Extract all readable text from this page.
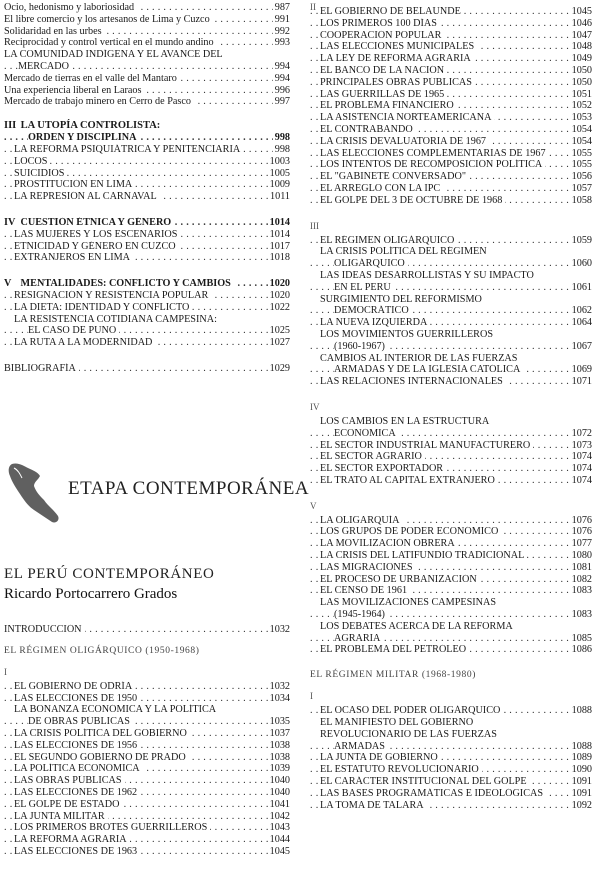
Ocio, hedonismo y laboriosidad	987
. . .
El libre comercio y los artesanos de Lima y Cuzco	991
. . .
Solidaridad en las urbes	992
. . .
Reciprocidad y control vertical en el mundo andino	993
. . .
LA COMUNIDAD INDÍGENA Y EL AVANCE DEL
MERCADO	994
. . .
Mercado de tierras en el valle del Mantaro	994
. . .
Una experiencia liberal en Laraos	996
. . .
Mercado de trabajo minero en Cerro de Pasco	997
. . .
III LA UTOPÍA CONTROLISTA:
ORDEN Y DISCIPLINA	998
. . .
LA REFORMA PSIQUIÁTRICA Y PENITENCIARIA	998
. . .
LOCOS	1003
. . .
SUICIDIOS	1005
. . .
PROSTITUCIÓN EN LIMA	1009
. . .
LA REPRESIÓN AL CARNAVAL	1011
. . .
IV CUESTIÓN ÉTNICA Y GÉNERO	1014
. . .
LAS MUJERES Y LOS ESCENARIOS	1014
. . .
ETNICIDAD Y GÉNERO EN CUZCO	1017
. . .
EXTRANJEROS EN LIMA	1018
. . .
V MENTALIDADES: CONFLICTO Y CAMBIOS	1020
. . .
RESIGNACIÓN Y RESISTENCIA POPULAR	1020
. . .
LA DIETA: IDENTIDAD Y CONFLICTO	1022
. . .
LA RESISTENCIA COTIDIANA CAMPESINA:
EL CASO DE PUNO	1025
. . .
LA RUTA A LA MODERNIDAD	1027
. . .
BIBLIOGRAFÍA	1029
. . .
ETAPA CONTEMPORÁNEA
EL PERÚ CONTEMPORÁNEO
Ricardo Portocarrero Grados
INTRODUCCIÓN	1032
. . .
EL RÉGIMEN OLIGÁRQUICO (1950-1968)
I
EL GOBIERNO DE ODRÍA	1032
. . .
LAS ELECCIONES DE 1950	1034
. . .
LA BONANZA ECONÓMICA Y LA POLÍTICA
DE OBRAS PÚBLICAS	1035
. . .
LA CRISIS POLÍTICA DEL GOBIERNO	1037
. . .
LAS ELECCIONES DE 1956	1038
. . .
EL SEGUNDO GOBIERNO DE PRADO	1038
. . .
LA POLÍTICA ECONÓMICA	1039
. . .
LAS OBRAS PÚBLICAS	1040
. . .
LAS ELECCIONES DE 1962	1040
. . .
EL GOLPE DE ESTADO	1041
. . .
LA JUNTA MILITAR	1042
. . .
LOS PRIMEROS BROTES GUERRILLEROS	1043
. . .
LA REFORMA AGRARIA	1044
. . .
LAS ELECCIONES DE 1963	1045
. . .
II EL GOBIERNO DE BELAUNDE	1045
. . .
LOS PRIMEROS 100 DÍAS	1046
. . .
COOPERACIÓN POPULAR	1047
. . .
LAS ELECCIONES MUNICIPALES	1048
. . .
LA LEY DE REFORMA AGRARIA	1049
. . .
EL BANCO DE LA NACIÓN	1050
. . .
PRINCIPALES OBRAS PÚBLICAS	1050
. . .
LAS GUERRILLAS DE 1965	1051
. . .
EL PROBLEMA FINANCIERO	1052
. . .
LA ASISTENCIA NORTEAMERICANA	1053
. . .
EL CONTRABANDO	1054
. . .
LA CRISIS DEVALUATORIA DE 1967	1054
. . .
LAS ELECCIONES COMPLEMENTARIAS DE 1967	1055
. . .
LOS INTENTOS DE RECOMPOSICIÓN POLÍTICA	1055
. . .
EL "GABINETE CONVERSADO"	1056
. . .
EL ARREGLO CON LA IPC	1057
. . .
EL GOLPE DEL 3 DE OCTUBRE DE 1968	1058
. . .
III
EL RÉGIMEN OLIGÁRQUICO	1059
. . .
LA CRISIS POLÍTICA DEL RÉGIMEN
OLIGÁRQUICO	1060
. . .
LAS IDEAS DESARROLLISTAS Y SU IMPACTO
EN EL PERÚ	1061
. . .
SURGIMIENTO DEL REFORMISMO
DEMOCRÁTICO	1062
. . .
LA NUEVA IZQUIERDA	1064
. . .
LOS MOVIMIENTOS GUERRILLEROS
(1960-1967)	1067
. . .
CAMBIOS AL INTERIOR DE LAS FUERZAS
ARMADAS Y DE LA IGLESIA CATÓLICA	1069
. . .
LAS RELACIONES INTERNACIONALES	1071
. . .
IV
LOS CAMBIOS EN LA ESTRUCTURA
ECONÓMICA	1072
. . .
EL SECTOR INDUSTRIAL MANUFACTURERO	1073
. . .
EL SECTOR AGRARIO	1074
. . .
EL SECTOR EXPORTADOR	1074
. . .
EL TRATO AL CAPITAL EXTRANJERO	1074
. . .
V
LA OLIGARQUÍA	1076
. . .
LOS GRUPOS DE PODER ECONÓMICO	1076
. . .
LA MOVILIZACIÓN OBRERA	1077
. . .
LA CRISIS DEL LATIFUNDIO TRADICIONAL	1080
. . .
LAS MIGRACIONES	1081
. . .
EL PROCESO DE URBANIZACIÓN	1082
. . .
EL CENSO DE 1961	1083
. . .
LAS MOVILIZACIONES CAMPESINAS
(1945-1964)	1083
. . .
LOS DEBATES ACERCA DE LA REFORMA
AGRARIA	1085
. . .
EL PROBLEMA DEL PETRÓLEO	1086
. . .
EL RÉGIMEN MILITAR (1968-1980)
I
EL OCASO DEL PODER OLIGÁRQUICO	1088
. . .
EL MANIFIESTO DEL GOBIERNO
REVOLUCIONARIO DE LAS FUERZAS
ARMADAS	1088
. . .
LA JUNTA DE GOBIERNO	1089
. . .
EL ESTATUTO REVOLUCIONARIO	1090
. . .
EL CARÁCTER INSTITUCIONAL DEL GOLPE	1091
. . .
LAS BASES PROGRAMÁTICAS E IDEOLÓGICAS	1091
. . .
LA TOMA DE TALARA	1092
. . .
